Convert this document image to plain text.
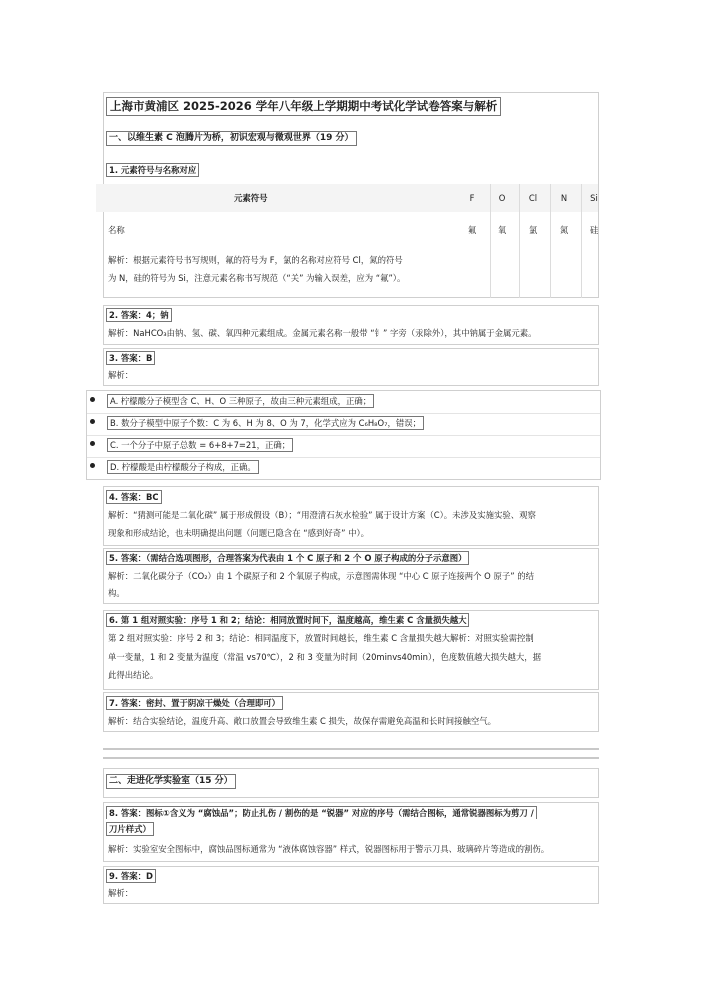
上海市黄浦区 2025-2026 学年八年级上学期期中考试化学试卷答案与解析
一、以维生素 C 泡腾片为桥，初识宏观与微观世界（19 分）
1. 元素符号与名称对应
元素符号	F	O	Cl	N	Si
名称	氟	氧	氯	氮	硅
解析：根据元素符号书写规则，氟的符号为 F，氯的名称对应符号 Cl，氮的符号
为 N，硅的符号为 Si，注意元素名称书写规范（“关” 为输入误差，应为 “氟”）。
2. 答案：4；钠
解析：NaHCO₃由钠、氢、碳、氧四种元素组成。金属元素名称一般带 “钅” 字旁（汞除外），其中钠属于金属元素。
3. 答案：B
解析：
A. 柠檬酸分子模型含 C、H、O 三种原子，故由三种元素组成，正确；
B. 数分子模型中原子个数：C 为 6、H 为 8、O 为 7，化学式应为 C₆H₈O₇，错误；
C. 一个分子中原子总数 = 6+8+7=21，正确；
D. 柠檬酸是由柠檬酸分子构成，正确。
4. 答案：BC
解析：“猜测可能是二氧化碳” 属于形成假设（B）；“用澄清石灰水检验” 属于设计方案（C）。未涉及实施实验、观察
现象和形成结论，也未明确提出问题（问题已隐含在 “感到好奇” 中）。
5. 答案：（需结合选项图形，合理答案为代表由 1 个 C 原子和 2 个 O 原子构成的分子示意图）
解析：二氧化碳分子（CO₂）由 1 个碳原子和 2 个氧原子构成，示意图需体现 “中心 C 原子连接两个 O 原子” 的结
构。
6. 第 1 组对照实验：序号 1 和 2；结论：相同放置时间下，温度越高，维生素 C 含量损失越大
第 2 组对照实验：序号 2 和 3；结论：相同温度下，放置时间越长，维生素 C 含量损失越大解析：对照实验需控制
单一变量，1 和 2 变量为温度（常温 vs70℃），2 和 3 变量为时间（20minvs40min），色度数值越大损失越大，据
此得出结论。
7. 答案：密封、置于阴凉干燥处（合理即可）
解析：结合实验结论，温度升高、敞口放置会导致维生素 C 损失，故保存需避免高温和长时间接触空气。
二、走进化学实验室（15 分）
8. 答案：图标①含义为 “腐蚀品”；防止扎伤 / 割伤的是 “锐器” 对应的序号（需结合图标，通常锐器图标为剪刀 /
刀片样式）
解析：实验室安全图标中，腐蚀品图标通常为 “液体腐蚀容器” 样式，锐器图标用于警示刀具、玻璃碎片等造成的割伤。
9. 答案：D
解析：
